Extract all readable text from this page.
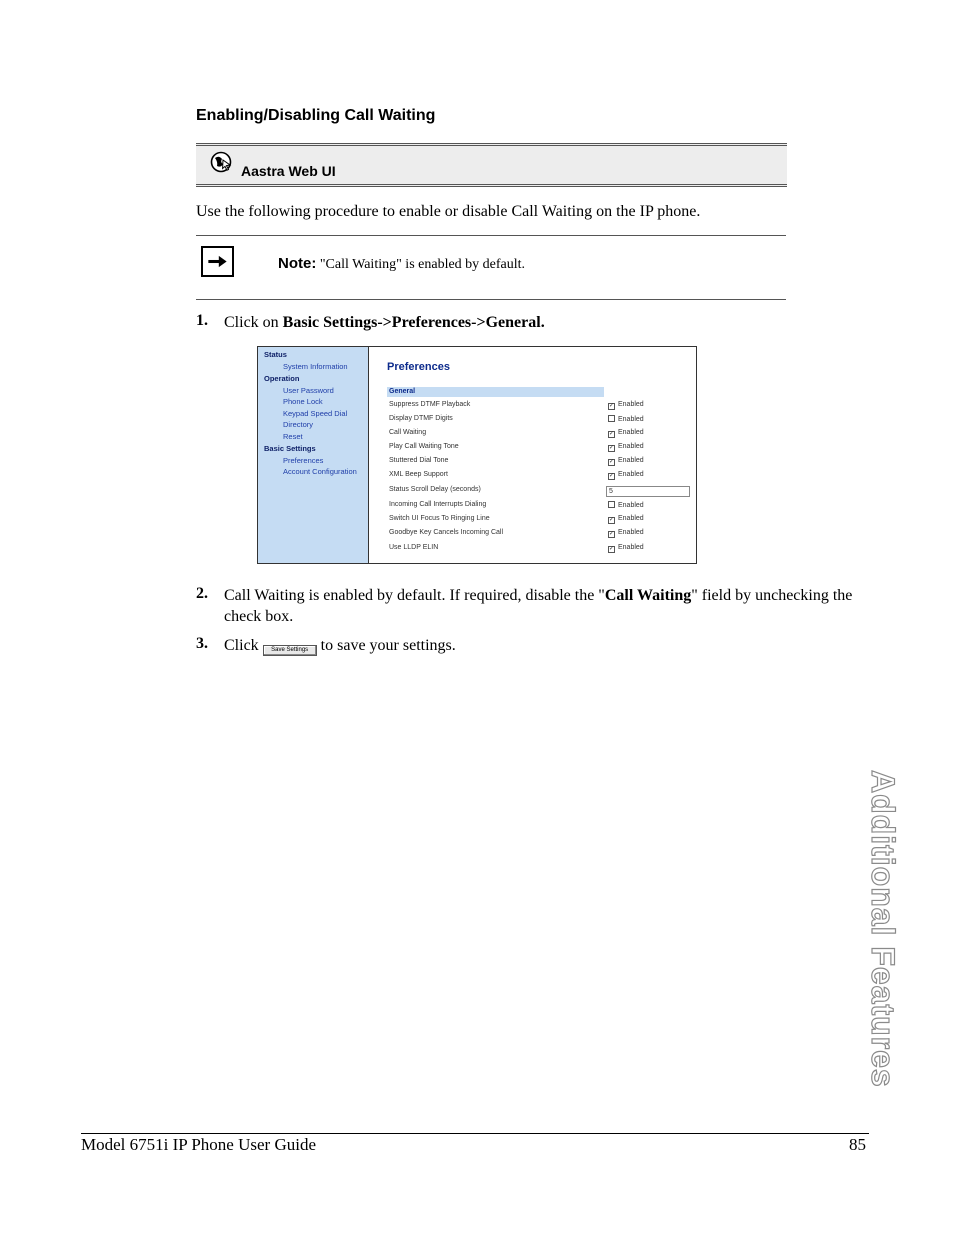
Enabling/Disabling Call Waiting
Aastra Web UI
Use the following procedure to enable or disable Call Waiting on the IP phone.
Note: "Call Waiting" is enabled by default.
1. Click on Basic Settings->Preferences->General.
Status
System Information
Operation
User Password
Phone Lock
Keypad Speed Dial
Directory
Reset
Basic Settings
Preferences
Account Configuration
Preferences
General
Suppress DTMF Playback	✓ Enabled
Display DTMF Digits	Enabled
Call Waiting	✓ Enabled
Play Call Waiting Tone	✓ Enabled
Stuttered Dial Tone	✓ Enabled
XML Beep Support	✓ Enabled
Status Scroll Delay (seconds)	5
Incoming Call Interrupts Dialing	Enabled
Switch UI Focus To Ringing Line	✓ Enabled
Goodbye Key Cancels Incoming Call	✓ Enabled
Use LLDP ELIN	✓ Enabled
2. Call Waiting is enabled by default. If required, disable the "Call Waiting" field by unchecking the check box.
3. Click Save Settings to save your settings.
Additional Features
Model 6751i IP Phone User Guide	85
